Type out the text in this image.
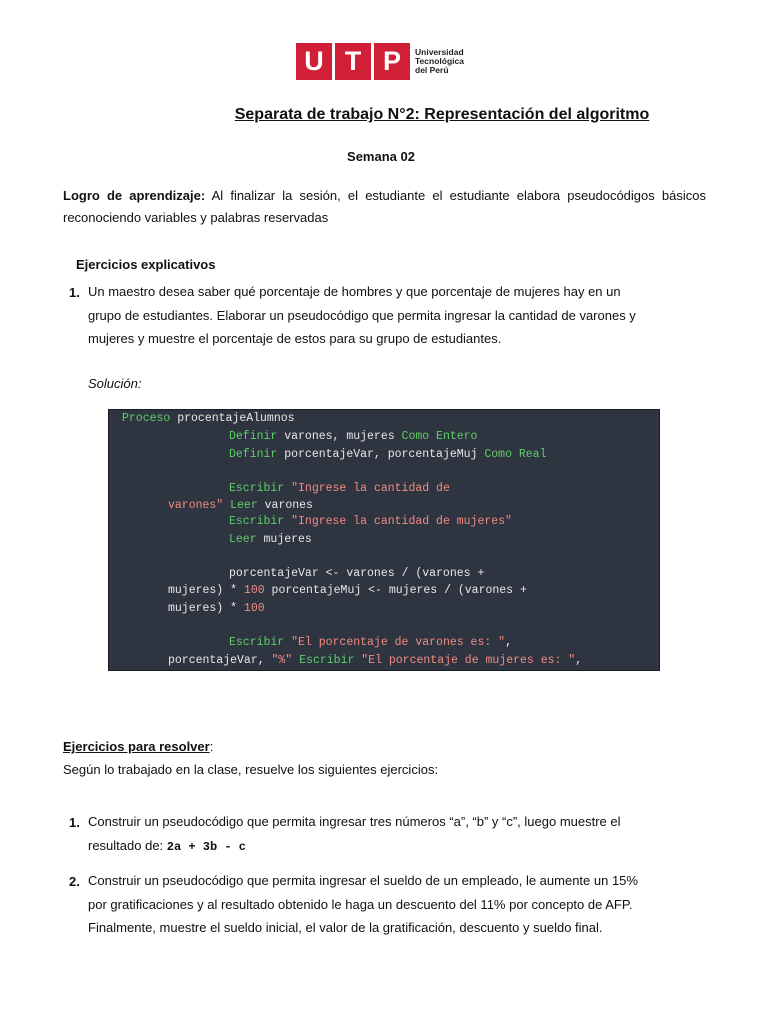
U T P	Universidad
Tecnológica
del Perú
Separata de trabajo N°2: Representación del algoritmo
Semana 02
Logro de aprendizaje: Al finalizar la sesión, el estudiante el estudiante elabora pseudocódigos básicos reconociendo variables y palabras reservadas
Ejercicios explicativos
1. Un maestro desea saber qué porcentaje de hombres y que porcentaje de mujeres hay en un
grupo de estudiantes. Elaborar un pseudocódigo que permita ingresar la cantidad de varones y
mujeres y muestre el porcentaje de estos para su grupo de estudiantes.
Solución:
Proceso procentajeAlumnos
Definir varones, mujeres Como Entero
Definir porcentajeVar, porcentajeMuj Como Real
Escribir "Ingrese la cantidad de
varones" Leer varones
Escribir "Ingrese la cantidad de mujeres"
Leer mujeres
porcentajeVar <- varones / (varones +
mujeres) * 100 porcentajeMuj <- mujeres / (varones +
mujeres) * 100
Escribir "El porcentaje de varones es: ",
porcentajeVar, "%" Escribir "El porcentaje de mujeres es: ",
Ejercicios para resolver:
Según lo trabajado en la clase, resuelve los siguientes ejercicios:
1. Construir un pseudocódigo que permita ingresar tres números “a”, “b” y “c”, luego muestre el
resultado de: 2a + 3b - c
2. Construir un pseudocódigo que permita ingresar el sueldo de un empleado, le aumente un 15%
por gratificaciones y al resultado obtenido le haga un descuento del 11% por concepto de AFP.
Finalmente, muestre el sueldo inicial, el valor de la gratificación, descuento y sueldo final.
